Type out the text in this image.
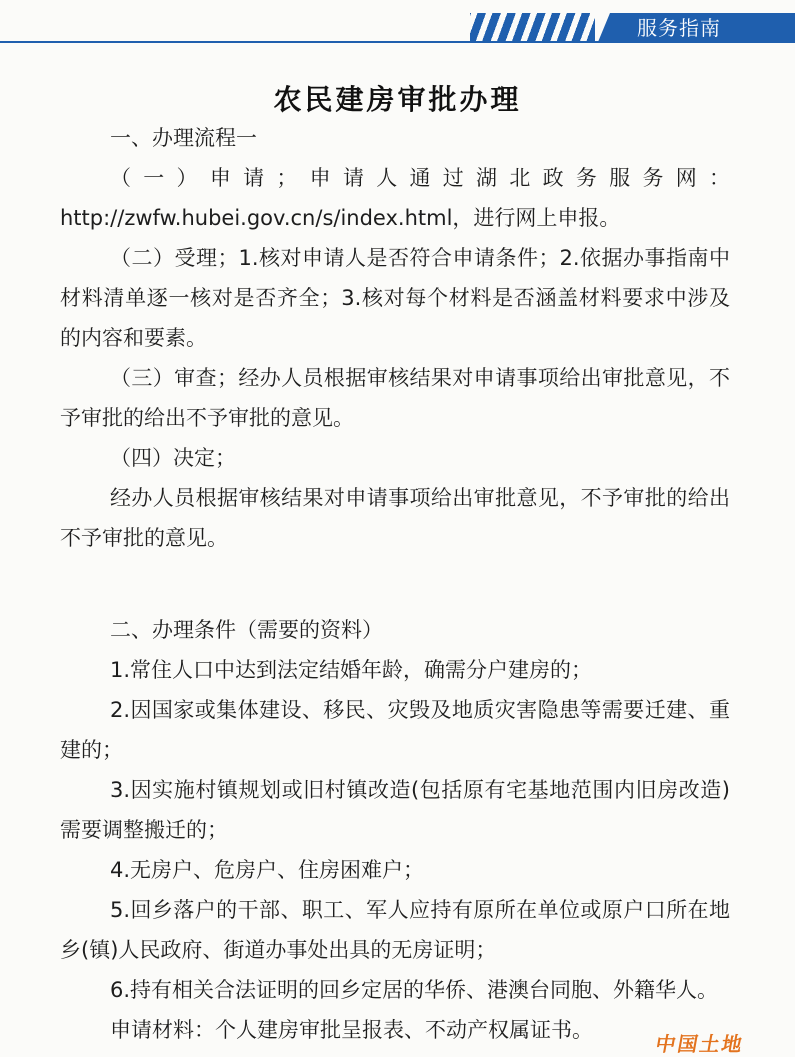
服务指南
农民建房审批办理

一、办理流程一

（一）申请；申请人通过湖北政务服务网：

http://zwfw.hubei.gov.cn/s/index.html，进行网上申报。

（二）受理；1.核对申请人是否符合申请条件；2.依据办事指南中材料清单逐一核对是否齐全；3.核对每个材料是否涵盖材料要求中涉及的内容和要素。

（三）审查；经办人员根据审核结果对申请事项给出审批意见，不予审批的给出不予审批的意见。

（四）决定；

经办人员根据审核结果对申请事项给出审批意见，不予审批的给出不予审批的意见。

二、办理条件（需要的资料）

1.常住人口中达到法定结婚年龄，确需分户建房的；

2.因国家或集体建设、移民、灾毁及地质灾害隐患等需要迁建、重建的；

3.因实施村镇规划或旧村镇改造(包括原有宅基地范围内旧房改造)需要调整搬迁的；

4.无房户、危房户、住房困难户；

5.回乡落户的干部、职工、军人应持有原所在单位或原户口所在地乡(镇)人民政府、街道办事处出具的无房证明；

6.持有相关合法证明的回乡定居的华侨、港澳台同胞、外籍华人。

申请材料：个人建房审批呈报表、不动产权属证书。

中国土地
